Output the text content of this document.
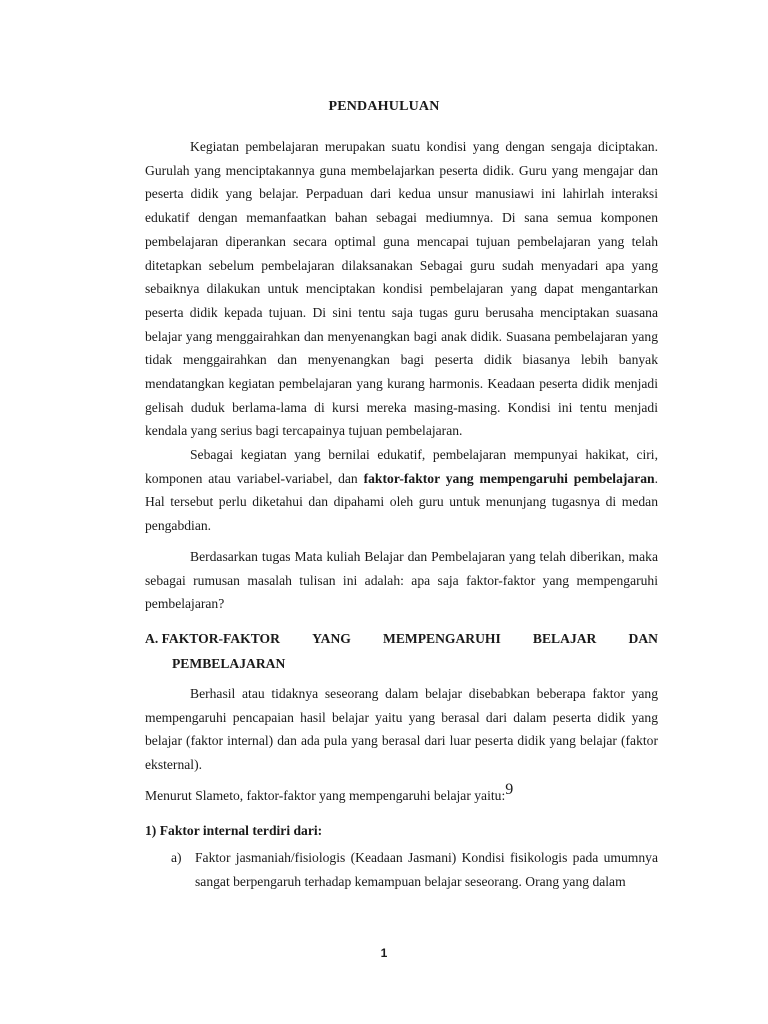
PENDAHULUAN

Kegiatan pembelajaran merupakan suatu kondisi yang dengan sengaja diciptakan. Gurulah yang menciptakannya guna membelajarkan peserta didik. Guru yang mengajar dan peserta didik yang belajar. Perpaduan dari kedua unsur manusiawi ini lahirlah interaksi edukatif dengan memanfaatkan bahan sebagai mediumnya. Di sana semua komponen pembelajaran diperankan secara optimal guna mencapai tujuan pembelajaran yang telah ditetapkan sebelum pembelajaran dilaksanakan Sebagai guru sudah menyadari apa yang sebaiknya dilakukan untuk menciptakan kondisi pembelajaran yang dapat mengantarkan peserta didik kepada tujuan. Di sini tentu saja tugas guru berusaha menciptakan suasana belajar yang menggairahkan dan menyenangkan bagi anak didik. Suasana pembelajaran yang tidak menggairahkan dan menyenangkan bagi peserta didik biasanya lebih banyak mendatangkan kegiatan pembelajaran yang kurang harmonis. Keadaan peserta didik menjadi gelisah duduk berlama-lama di kursi mereka masing-masing. Kondisi ini tentu menjadi kendala yang serius bagi tercapainya tujuan pembelajaran.

Sebagai kegiatan yang bernilai edukatif, pembelajaran mempunyai hakikat, ciri, komponen atau variabel-variabel, dan faktor-faktor yang mempengaruhi pembelajaran. Hal tersebut perlu diketahui dan dipahami oleh guru untuk menunjang tugasnya di medan pengabdian.

Berdasarkan tugas Mata kuliah Belajar dan Pembelajaran yang telah diberikan, maka sebagai rumusan masalah tulisan ini adalah: apa saja faktor-faktor yang mempengaruhi pembelajaran?

A. FAKTOR-FAKTOR YANG MEMPENGARUHI BELAJAR DAN
PEMBELAJARAN

Berhasil atau tidaknya seseorang dalam belajar disebabkan beberapa faktor yang mempengaruhi pencapaian hasil belajar yaitu yang berasal dari dalam peserta didik yang belajar (faktor internal) dan ada pula yang berasal dari luar peserta didik yang belajar (faktor eksternal).

Menurut Slameto, faktor-faktor yang mempengaruhi belajar yaitu:9
1) Faktor internal terdiri dari:
a) Faktor jasmaniah/fisiologis (Keadaan Jasmani) Kondisi fisikologis pada umumnya sangat berpengaruh terhadap kemampuan belajar seseorang. Orang yang dalam
1
